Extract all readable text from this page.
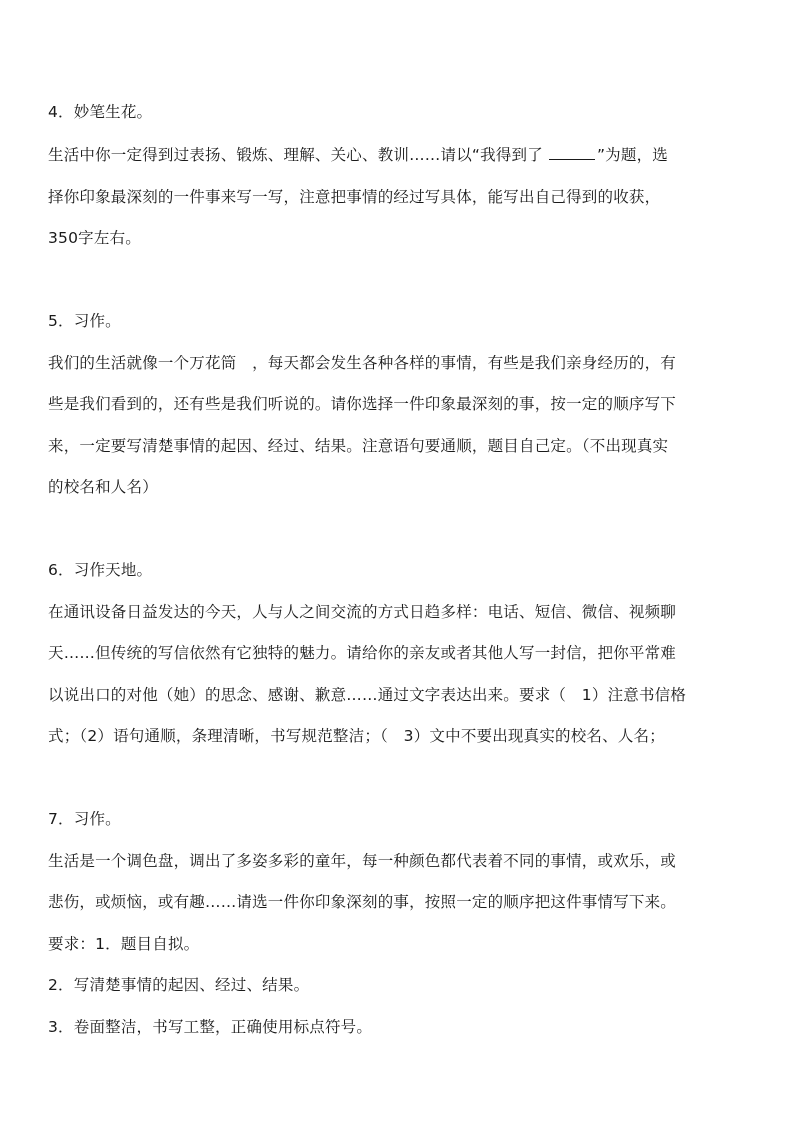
4．妙笔生花。
生活中你一定得到过表扬、锻炼、理解、关心、教训……请以“我得到了	”为题，选
择你印象最深刻的一件事来写一写，注意把事情的经过写具体，能写出自己得到的收获，
350字左右。
5．习作。
我们的生活就像一个万花筒　，每天都会发生各种各样的事情，有些是我们亲身经历的，有
些是我们看到的，还有些是我们听说的。请你选择一件印象最深刻的事，按一定的顺序写下
来，一定要写清楚事情的起因、经过、结果。注意语句要通顺，题目自己定。（不出现真实
的校名和人名）
6．习作天地。
在通讯设备日益发达的今天，人与人之间交流的方式日趋多样：电话、短信、微信、视频聊
天……但传统的写信依然有它独特的魅力。请给你的亲友或者其他人写一封信，把你平常难
以说出口的对他（她）的思念、感谢、歉意……通过文字表达出来。要求（　1）注意书信格
式；（2）语句通顺，条理清晰，书写规范整洁；（　3）文中不要出现真实的校名、人名；
7．习作。
生活是一个调色盘，调出了多姿多彩的童年，每一种颜色都代表着不同的事情，或欢乐，或
悲伤，或烦恼，或有趣……请选一件你印象深刻的事，按照一定的顺序把这件事情写下来。
要求：1．题目自拟。
2．写清楚事情的起因、经过、结果。
3．卷面整洁，书写工整，正确使用标点符号。
